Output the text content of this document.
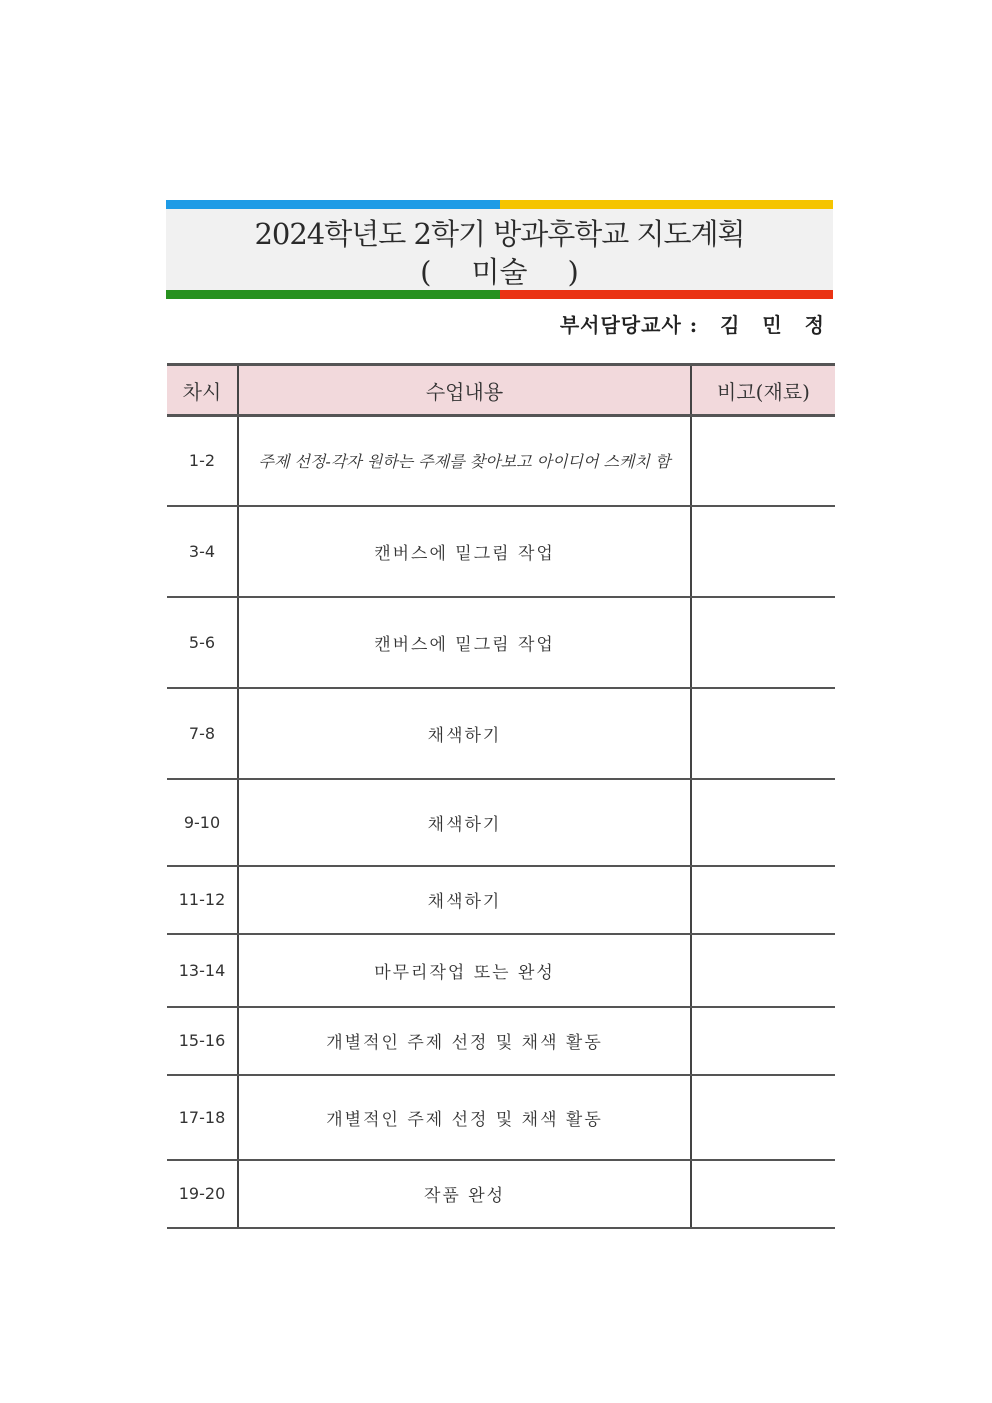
2024학년도 2학기 방과후학교 지도계획
( 미술 )
부서담당교사 : 김 민 정
차시	수업내용	비고(재료)
1-2	주제 선정-각자 원하는 주제를 찾아보고 아이디어 스케치 함	
3-4	캔버스에 밑그림 작업	
5-6	캔버스에 밑그림 작업	
7-8	채색하기	
9-10	채색하기	
11-12	채색하기	
13-14	마무리작업 또는 완성	
15-16	개별적인 주제 선정 및 채색 활동	
17-18	개별적인 주제 선정 및 채색 활동	
19-20	작품 완성	
